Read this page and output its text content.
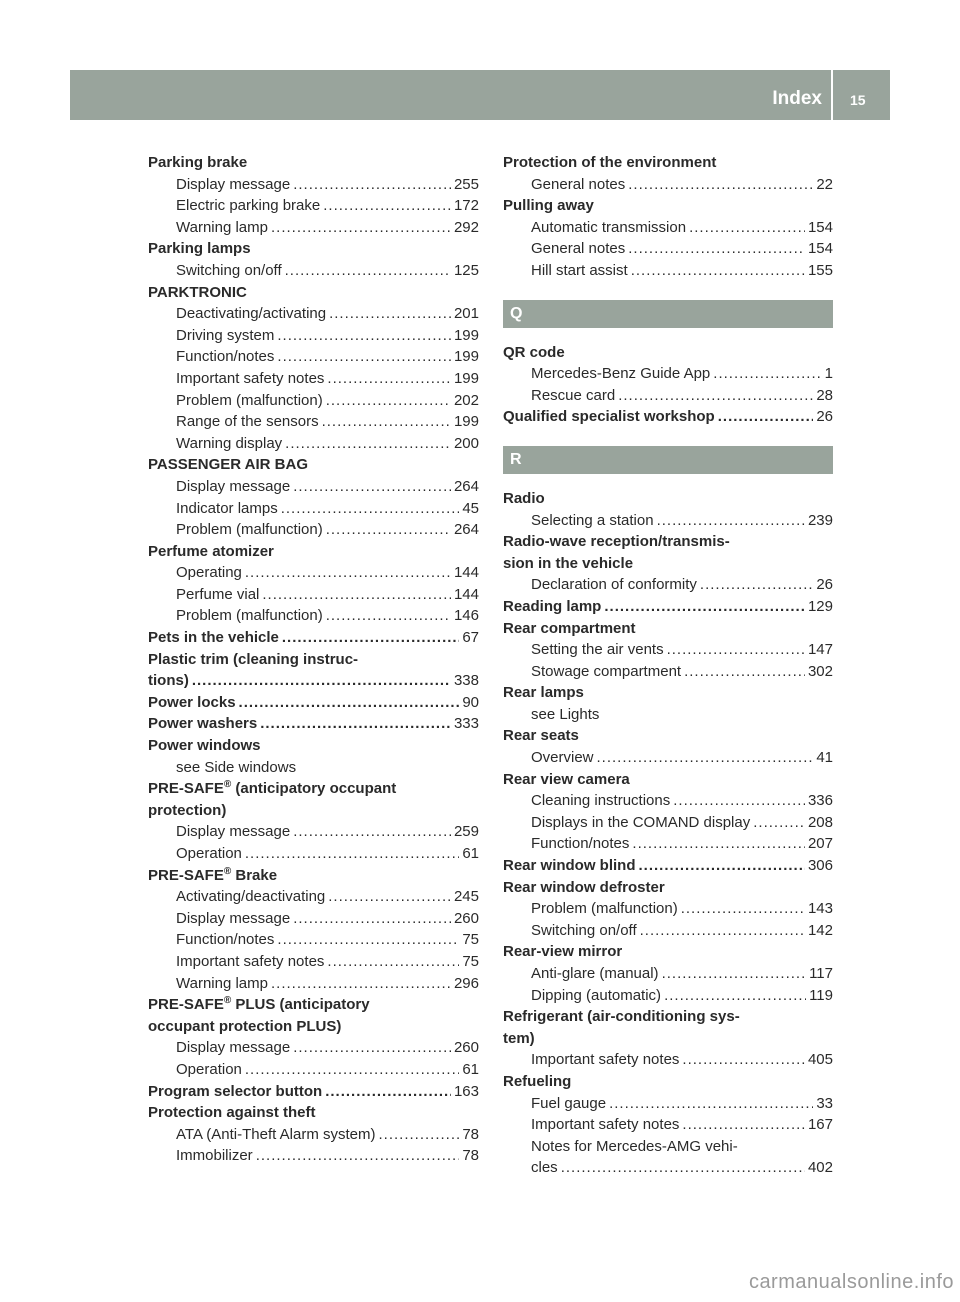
Index 15
Parking brake
Display message .....	255
Electric parking brake .....	172
Warning lamp .....	292
Parking lamps
Switching on/off .....	125
PARKTRONIC
Deactivating/activating .....	201
Driving system .....	199
Function/notes .....	199
Important safety notes .....	199
Problem (malfunction) .....	202
Range of the sensors .....	199
Warning display .....	200
PASSENGER AIR BAG
Display message .....	264
Indicator lamps .....	45
Problem (malfunction) .....	264
Perfume atomizer
Operating .....	144
Perfume vial .....	144
Problem (malfunction) .....	146
Pets in the vehicle .....	67
Plastic trim (cleaning instruc-
tions) .....	338
Power locks .....	90
Power washers .....	333
Power windows
see Side windows
PRE-SAFE® (anticipatory occupant
protection)
Display message .....	259
Operation .....	61
PRE-SAFE® Brake
Activating/deactivating .....	245
Display message .....	260
Function/notes .....	75
Important safety notes .....	75
Warning lamp .....	296
PRE-SAFE® PLUS (anticipatory
occupant protection PLUS)
Display message .....	260
Operation .....	61
Program selector button .....	163
Protection against theft
ATA (Anti-Theft Alarm system) .....	78
Immobilizer .....	78
Protection of the environment
General notes .....	22
Pulling away
Automatic transmission .....	154
General notes .....	154
Hill start assist .....	155
Q
QR code
Mercedes-Benz Guide App .....	1
Rescue card .....	28
Qualified specialist workshop .....	26
R
Radio
Selecting a station .....	239
Radio-wave reception/transmis-
sion in the vehicle
Declaration of conformity .....	26
Reading lamp .....	129
Rear compartment
Setting the air vents .....	147
Stowage compartment .....	302
Rear lamps
see Lights
Rear seats
Overview .....	41
Rear view camera
Cleaning instructions .....	336
Displays in the COMAND display .....	208
Function/notes .....	207
Rear window blind .....	306
Rear window defroster
Problem (malfunction) .....	143
Switching on/off .....	142
Rear-view mirror
Anti-glare (manual) .....	117
Dipping (automatic) .....	119
Refrigerant (air-conditioning sys-
tem)
Important safety notes .....	405
Refueling
Fuel gauge .....	33
Important safety notes .....	167
Notes for Mercedes-AMG vehi-
cles .....	402
carmanualsonline.info
